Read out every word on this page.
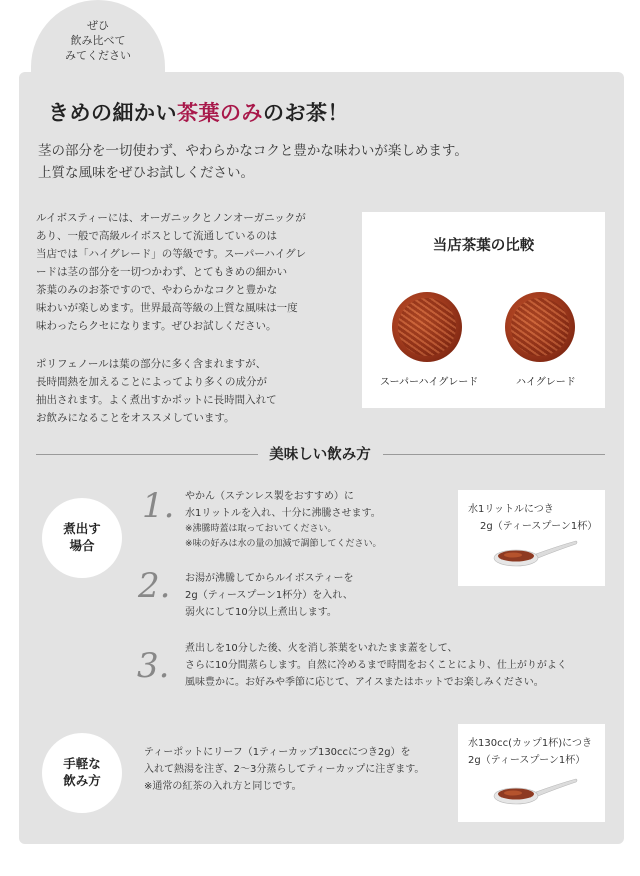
ぜひ
飲み比べて
みてください
きめの細かい茶葉のみのお茶！
茎の部分を一切使わず、やわらかなコクと豊かな味わいが楽しめます。
上質な風味をぜひお試しください。
ルイボスティーには、オーガニックとノンオーガニックが
あり、一般で高級ルイボスとして流通しているのは
当店では「ハイグレード」の等級です。スーパーハイグレ
ードは茎の部分を一切つかわず、とてもきめの細かい
茶葉のみのお茶ですので、やわらかなコクと豊かな
味わいが楽しめます。世界最高等級の上質な風味は一度
味わったらクセになります。ぜひお試しください。
ポリフェノールは葉の部分に多く含まれますが、
長時間熱を加えることによってより多くの成分が
抽出されます。よく煮出すかポットに長時間入れて
お飲みになることをオススメしています。
当店茶葉の比較
スーパーハイグレード	ハイグレード
美味しい飲み方
煮出す
場合
1. やかん（ステンレス製をおすすめ）に
水1リットルを入れ、十分に沸騰させます。
※沸騰時蓋は取っておいてください。
※味の好みは水の量の加減で調節してください。
2. お湯が沸騰してからルイボスティーを
2g（ティースプーン1杯分）を入れ、
弱火にして10分以上煮出します。
3. 煮出しを10分した後、火を消し茶葉をいれたまま蓋をして、
さらに10分間蒸らします。自然に冷めるまで時間をおくことにより、仕上がりがよく
風味豊かに。お好みや季節に応じて、アイスまたはホットでお楽しみください。
水1リットルにつき
2g（ティースプーン1杯）
手軽な
飲み方
ティーポットにリーフ（1ティーカップ130ccにつき2g）を
入れて熱湯を注ぎ、2〜3分蒸らしてティーカップに注ぎます。
※通常の紅茶の入れ方と同じです。
水130cc(カップ1杯)につき
2g（ティースプーン1杯）
